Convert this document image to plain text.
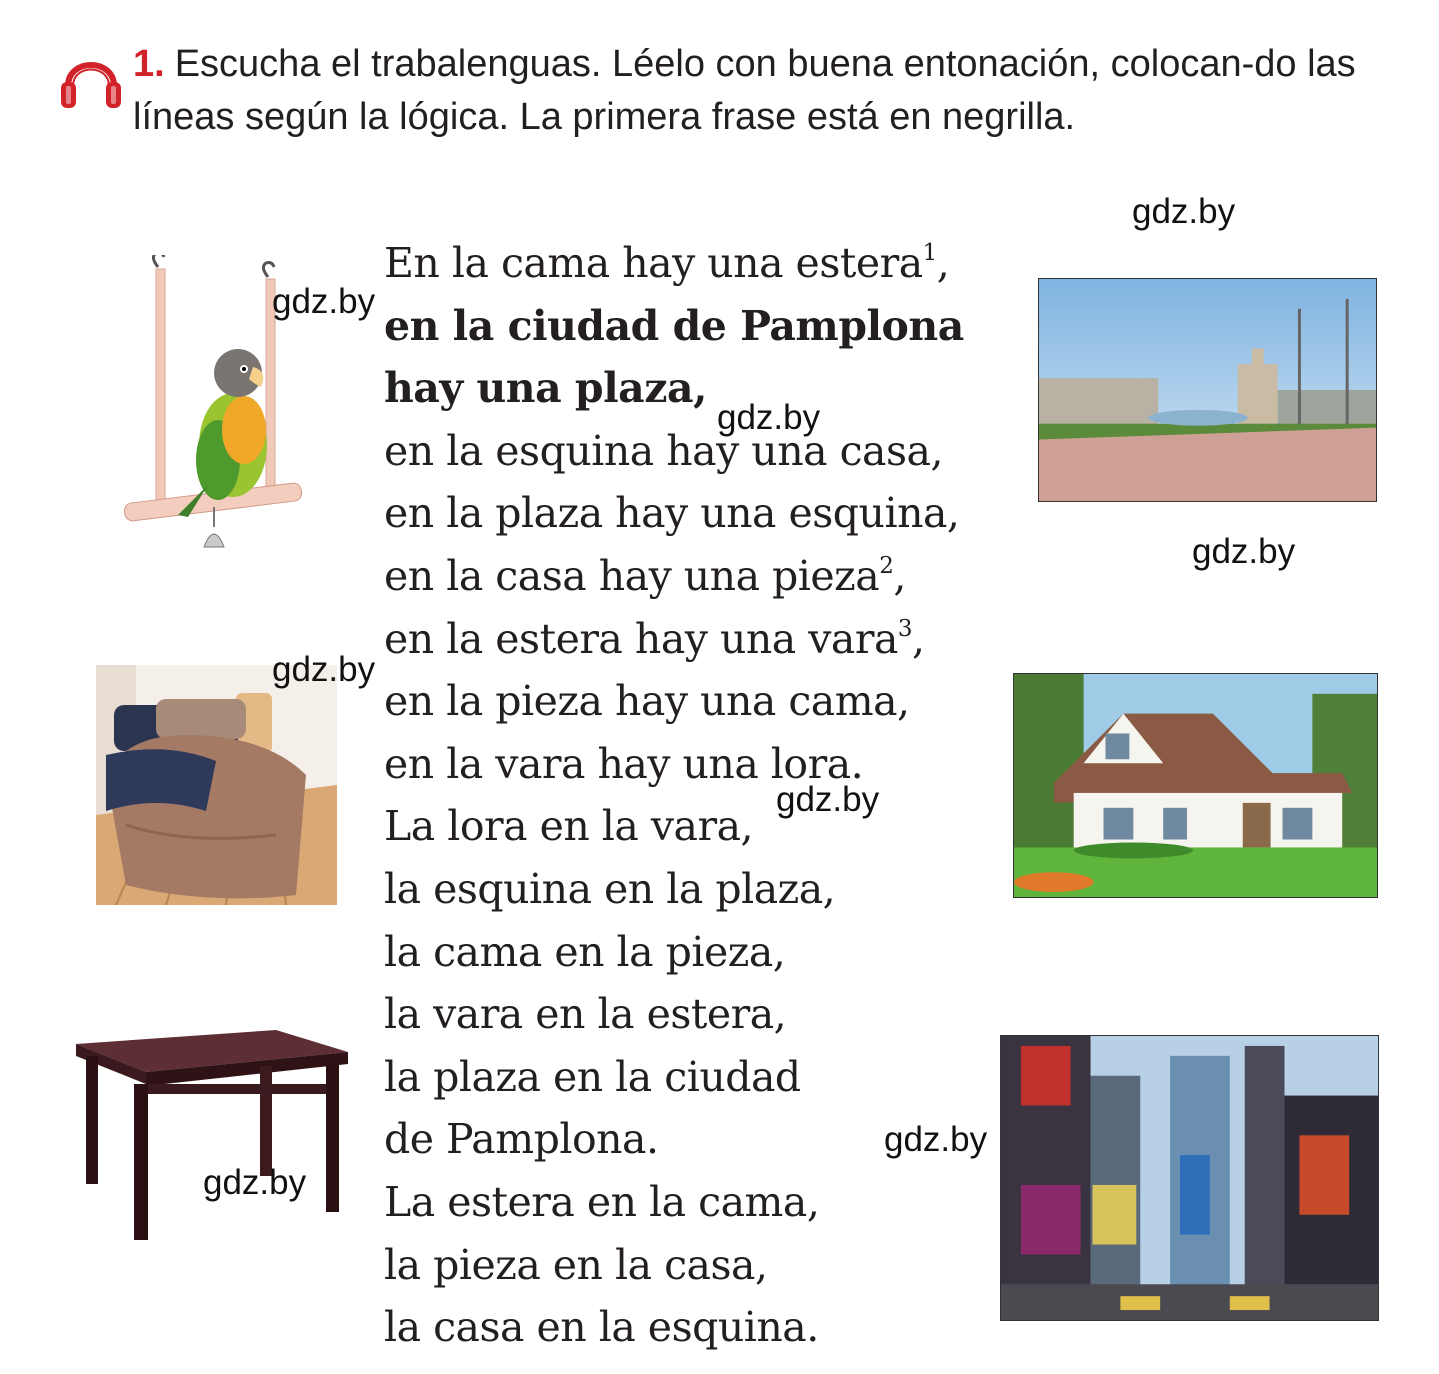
1. Escucha el trabalenguas. Léelo con buena entonación, colocan-do las líneas según la lógica. La primera frase está en negrilla.
En la cama hay una estera$^1$,
en la ciudad de Pamplona
hay una plaza,
en la esquina hay una casa,
en la plaza hay una esquina,
en la casa hay una pieza$^2$,
en la estera hay una vara$^3$,
en la pieza hay una cama,
en la vara hay una lora.
La lora en la vara,
la esquina en la plaza,
la cama en la pieza,
la vara en la estera,
la plaza en la ciudad
de Pamplona.
La estera en la cama,
la pieza en la casa,
la casa en la esquina.
gdz.by
gdz.by
gdz.by
gdz.by
gdz.by
gdz.by
gdz.by
gdz.by
